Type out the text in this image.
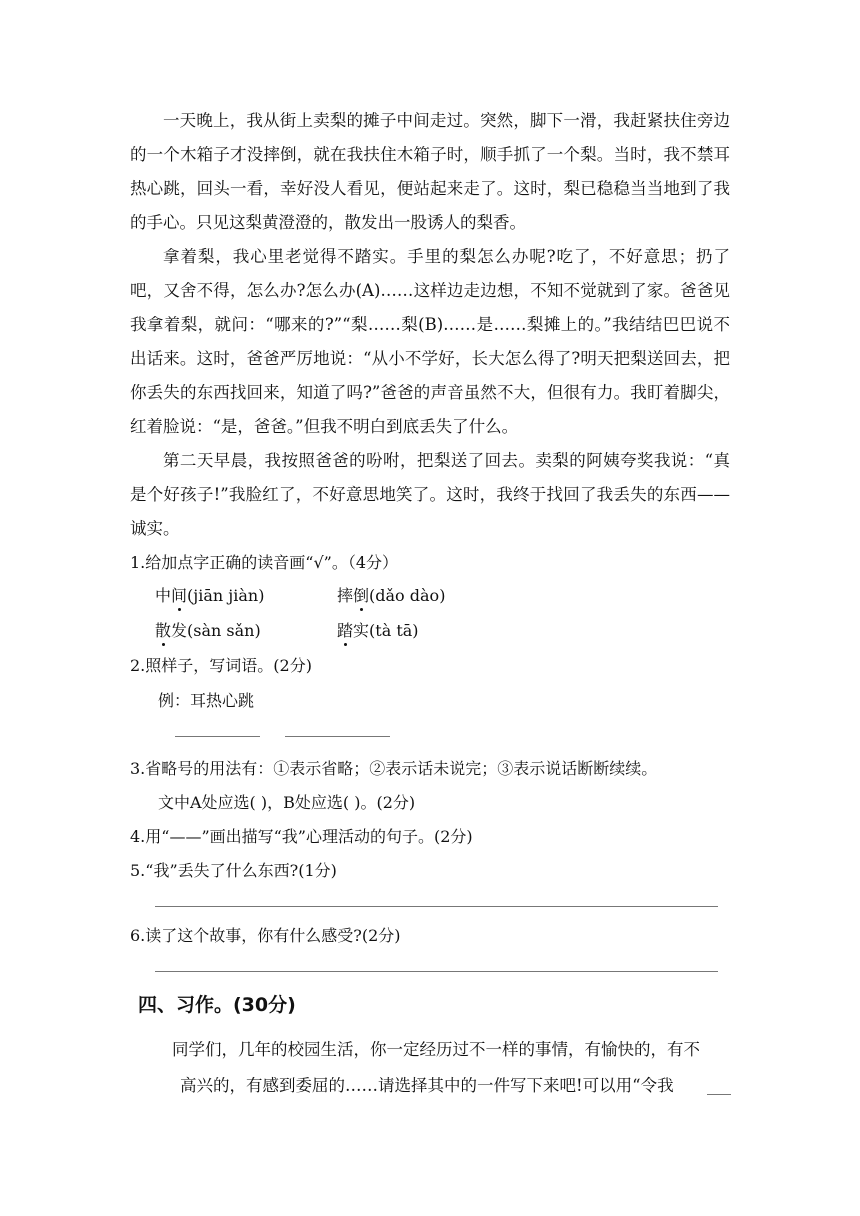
一天晚上，我从街上卖梨的摊子中间走过。突然，脚下一滑，我赶紧扶住旁边的一个木箱子才没摔倒，就在我扶住木箱子时，顺手抓了一个梨。当时，我不禁耳热心跳，回头一看，幸好没人看见，便站起来走了。这时，梨已稳稳当当地到了我的手心。只见这梨黄澄澄的，散发出一股诱人的梨香。
拿着梨，我心里老觉得不踏实。手里的梨怎么办呢?吃了，不好意思；扔了吧，又舍不得，怎么办?怎么办(A)……这样边走边想，不知不觉就到了家。爸爸见我拿着梨，就问：“哪来的?”“梨……梨(B)……是……梨摊上的。”我结结巴巴说不出话来。这时，爸爸严厉地说：“从小不学好，长大怎么得了?明天把梨送回去，把你丢失的东西找回来，知道了吗?”爸爸的声音虽然不大，但很有力。我盯着脚尖，红着脸说：“是，爸爸。”但我不明白到底丢失了什么。
第二天早晨，我按照爸爸的吩咐，把梨送了回去。卖梨的阿姨夸奖我说：“真是个好孩子!”我脸红了，不好意思地笑了。这时，我终于找回了我丢失的东西——诚实。
1.给加点字正确的读音画“√”。（4分）
中间(jiān jiàn)	摔倒(dǎo dào)
散发(sàn sǎn)	踏实(tà tā)
2.照样子，写词语。(2分)
例：耳热心跳
3.省略号的用法有：①表示省略；②表示话未说完；③表示说话断断续续。
文中A处应选( )，B处应选( )。(2分)
4.用“——”画出描写“我”心理活动的句子。(2分)
5.“我”丢失了什么东西?(1分)
6.读了这个故事，你有什么感受?(2分)
四、习作。(30分)
同学们，几年的校园生活，你一定经历过不一样的事情，有愉快的，有不
高兴的，有感到委屈的……请选择其中的一件写下来吧!可以用“令我
